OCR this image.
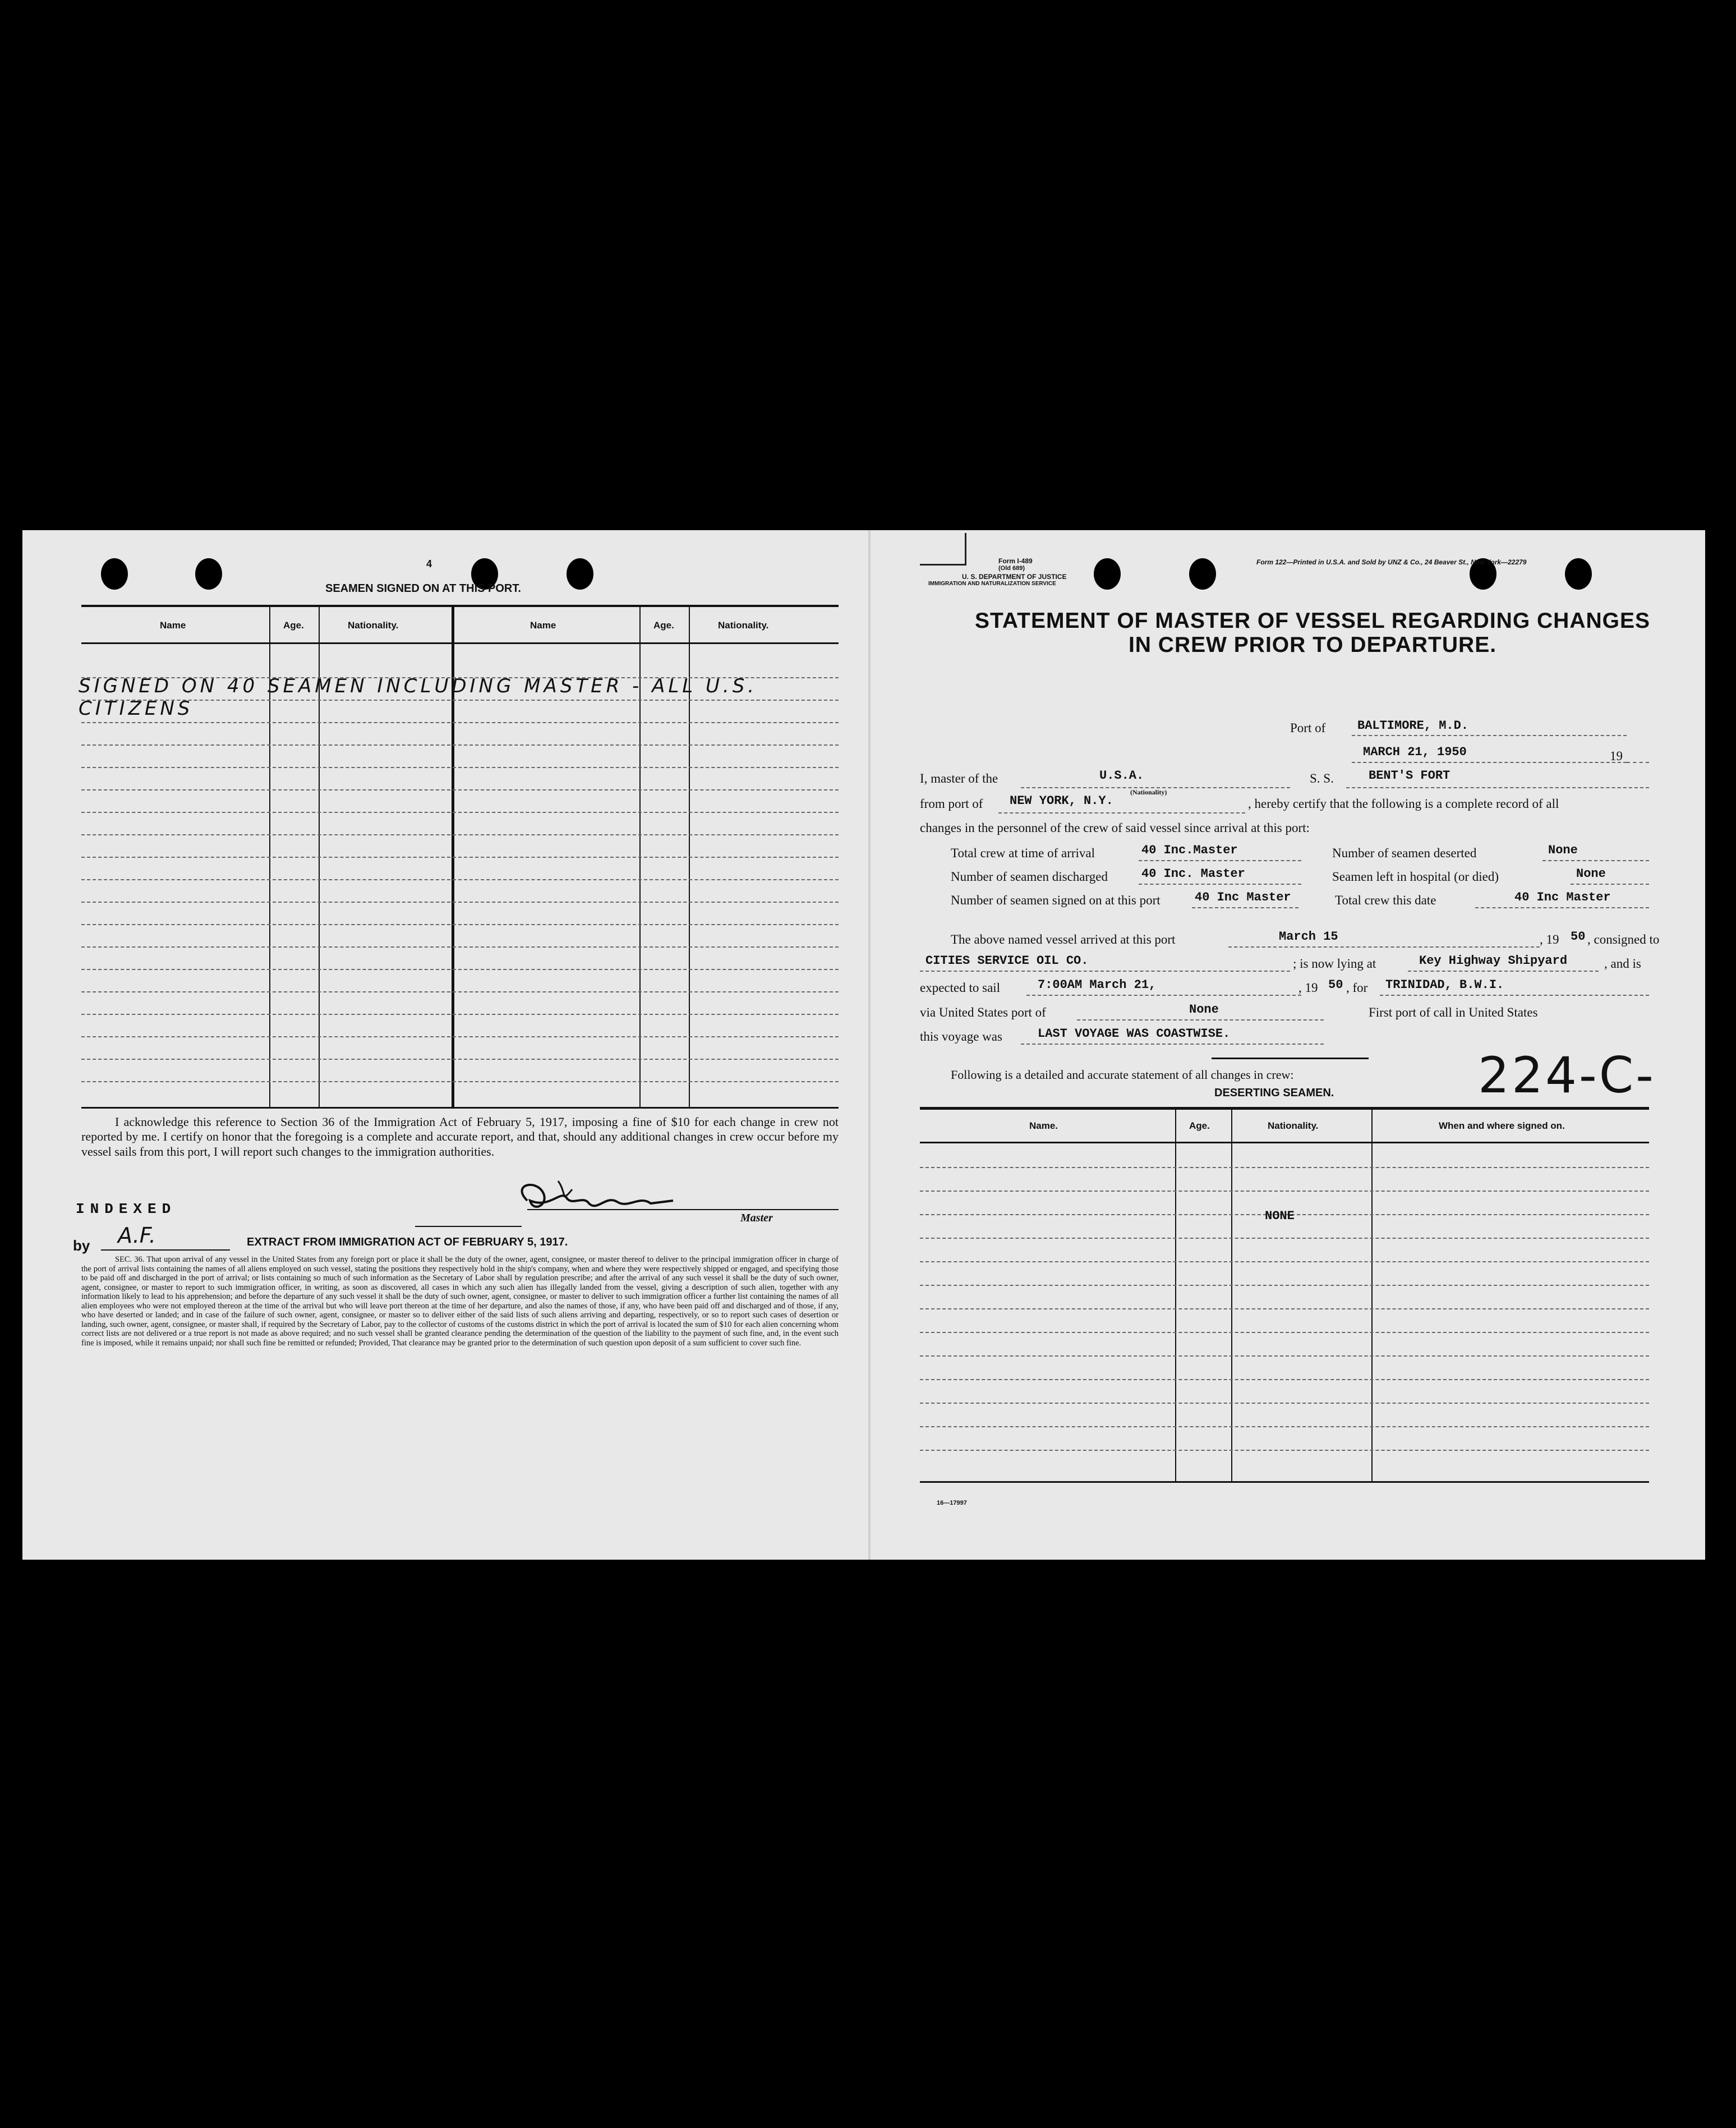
4
SEAMEN SIGNED ON AT THIS PORT.
Name	Age.	Nationality.	Name	Age.	Nationality.
SIGNED ON 40 SEAMEN INCLUDING MASTER - ALL U.S.
CITIZENS
I acknowledge this reference to Section 36 of the Immigration Act of February 5, 1917, imposing a fine of $10 for each change in crew not reported by me. I certify on honor that the foregoing is a complete and accurate report, and that, should any additional changes in crew occur before my vessel sails from this port, I will report such changes to the immigration authorities.
Master
INDEXED
by A.F.	EXTRACT FROM IMMIGRATION ACT OF FEBRUARY 5, 1917.
SEC. 36. That upon arrival of any vessel in the United States from any foreign port or place it shall be the duty of the owner, agent, consignee, or master thereof to deliver to the principal immigration officer in charge of the port of arrival lists containing the names of all aliens employed on such vessel, stating the positions they respectively hold in the ship's company, when and where they were respectively shipped or engaged, and specifying those to be paid off and discharged in the port of arrival; or lists containing so much of such information as the Secretary of Labor shall by regulation prescribe; and after the arrival of any such vessel it shall be the duty of such owner, agent, consignee, or master to report to such immigration officer, in writing, as soon as discovered, all cases in which any such alien has illegally landed from the vessel, giving a description of such alien, together with any information likely to lead to his apprehension; and before the departure of any such vessel it shall be the duty of such owner, agent, consignee, or master to deliver to such immigration officer a further list containing the names of all alien employees who were not employed thereon at the time of the arrival but who will leave port thereon at the time of her departure, and also the names of those, if any, who have been paid off and discharged and of those, if any, who have deserted or landed; and in case of the failure of such owner, agent, consignee, or master so to deliver either of the said lists of such aliens arriving and departing, respectively, or so to report such cases of desertion or landing, such owner, agent, consignee, or master shall, if required by the Secretary of Labor, pay to the collector of customs of the customs district in which the port of arrival is located the sum of $10 for each alien concerning whom correct lists are not delivered or a true report is not made as above required; and no such vessel shall be granted clearance pending the determination of the question of the liability to the payment of such fine, and, in the event such fine is imposed, while it remains unpaid; nor shall such fine be remitted or refunded; Provided, That clearance may be granted prior to the determination of such question upon deposit of a sum sufficient to cover such fine.
Form I-489
(Old 689)
U. S. DEPARTMENT OF JUSTICE
IMMIGRATION AND NATURALIZATION SERVICE
Form 122—Printed in U.S.A. and Sold by UNZ & Co., 24 Beaver St., New York—22279
STATEMENT OF MASTER OF VESSEL REGARDING CHANGES
IN CREW PRIOR TO DEPARTURE.
Port of	BALTIMORE, M.D.
MARCH 21, 1950	19
I, master of the	U.S.A.
(Nationality)
S. S.	BENT'S FORT
from port of NEW YORK, N.Y.	, hereby certify that the following is a complete record of all
changes in the personnel of the crew of said vessel since arrival at this port:
Total crew at time of arrival	40 Inc.Master	Number of seamen deserted	None
Number of seamen discharged	40 Inc. Master	Seamen left in hospital (or died)	None
Number of seamen signed on at this port	40 Inc Master	Total crew this date	40 Inc Master
The above named vessel arrived at this port	March 15	, 19 50 , consigned to
CITIES SERVICE OIL CO.	; is now lying at	Key Highway Shipyard	, and is
expected to sail	7:00AM March 21,	, 19 50 , for TRINIDAD, B.W.I.
via United States port of	None	First port of call in United States
this voyage was	LAST VOYAGE WAS COASTWISE.
Following is a detailed and accurate statement of all changes in crew:
DESERTING SEAMEN.	224-C-
Name.	Age.	Nationality.	When and where signed on.
NONE
16—17997
